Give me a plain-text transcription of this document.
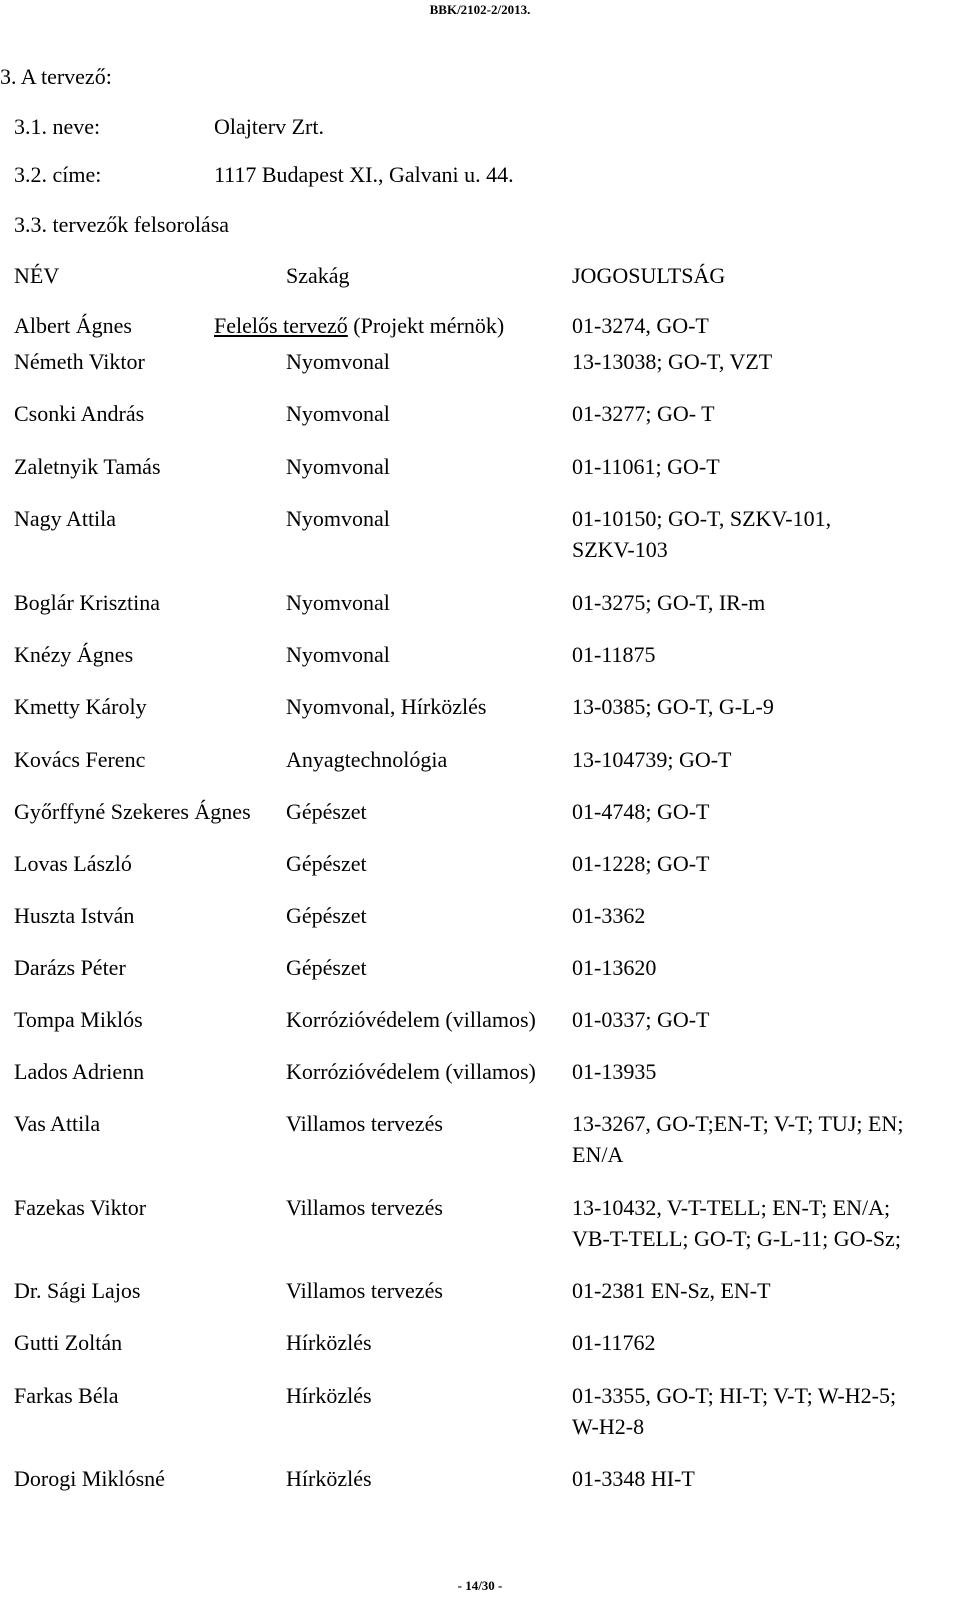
BBK/2102-2/2013.
3. A tervező:
3.1. neve:	Olajterv Zrt.
3.2. címe:	1117 Budapest XI., Galvani u. 44.
3.3. tervezők felsorolása
NÉV	Szakág	JOGOSULTSÁG
Albert Ágnes	Felelős tervező (Projekt mérnök)	01-3274, GO-T
Németh Viktor	Nyomvonal	13-13038; GO-T, VZT
Csonki András	Nyomvonal	01-3277; GO- T
Zaletnyik Tamás	Nyomvonal	01-11061; GO-T
Nagy Attila	Nyomvonal	01-10150; GO-T, SZKV-101,
SZKV-103
Boglár Krisztina	Nyomvonal	01-3275; GO-T, IR-m
Knézy Ágnes	Nyomvonal	01-11875
Kmetty Károly	Nyomvonal, Hírközlés	13-0385; GO-T, G-L-9
Kovács Ferenc	Anyagtechnológia	13-104739; GO-T
Győrffyné Szekeres Ágnes Gépészet	01-4748; GO-T
Lovas László	Gépészet	01-1228; GO-T
Huszta István	Gépészet	01-3362
Darázs Péter	Gépészet	01-13620
Tompa Miklós	Korrózióvédelem (villamos) 01-0337; GO-T
Lados Adrienn	Korrózióvédelem (villamos) 01-13935
Vas Attila	Villamos tervezés	13-3267, GO-T;EN-T; V-T; TUJ; EN;
EN/A
Fazekas Viktor	Villamos tervezés	13-10432, V-T-TELL; EN-T; EN/A;
VB-T-TELL; GO-T; G-L-11; GO-Sz;
Dr. Sági Lajos	Villamos tervezés	01-2381 EN-Sz, EN-T
Gutti Zoltán	Hírközlés	01-11762
Farkas Béla	Hírközlés	01-3355, GO-T; HI-T; V-T; W-H2-5;
W-H2-8
Dorogi Miklósné	Hírközlés	01-3348 HI-T
- 14/30 -
